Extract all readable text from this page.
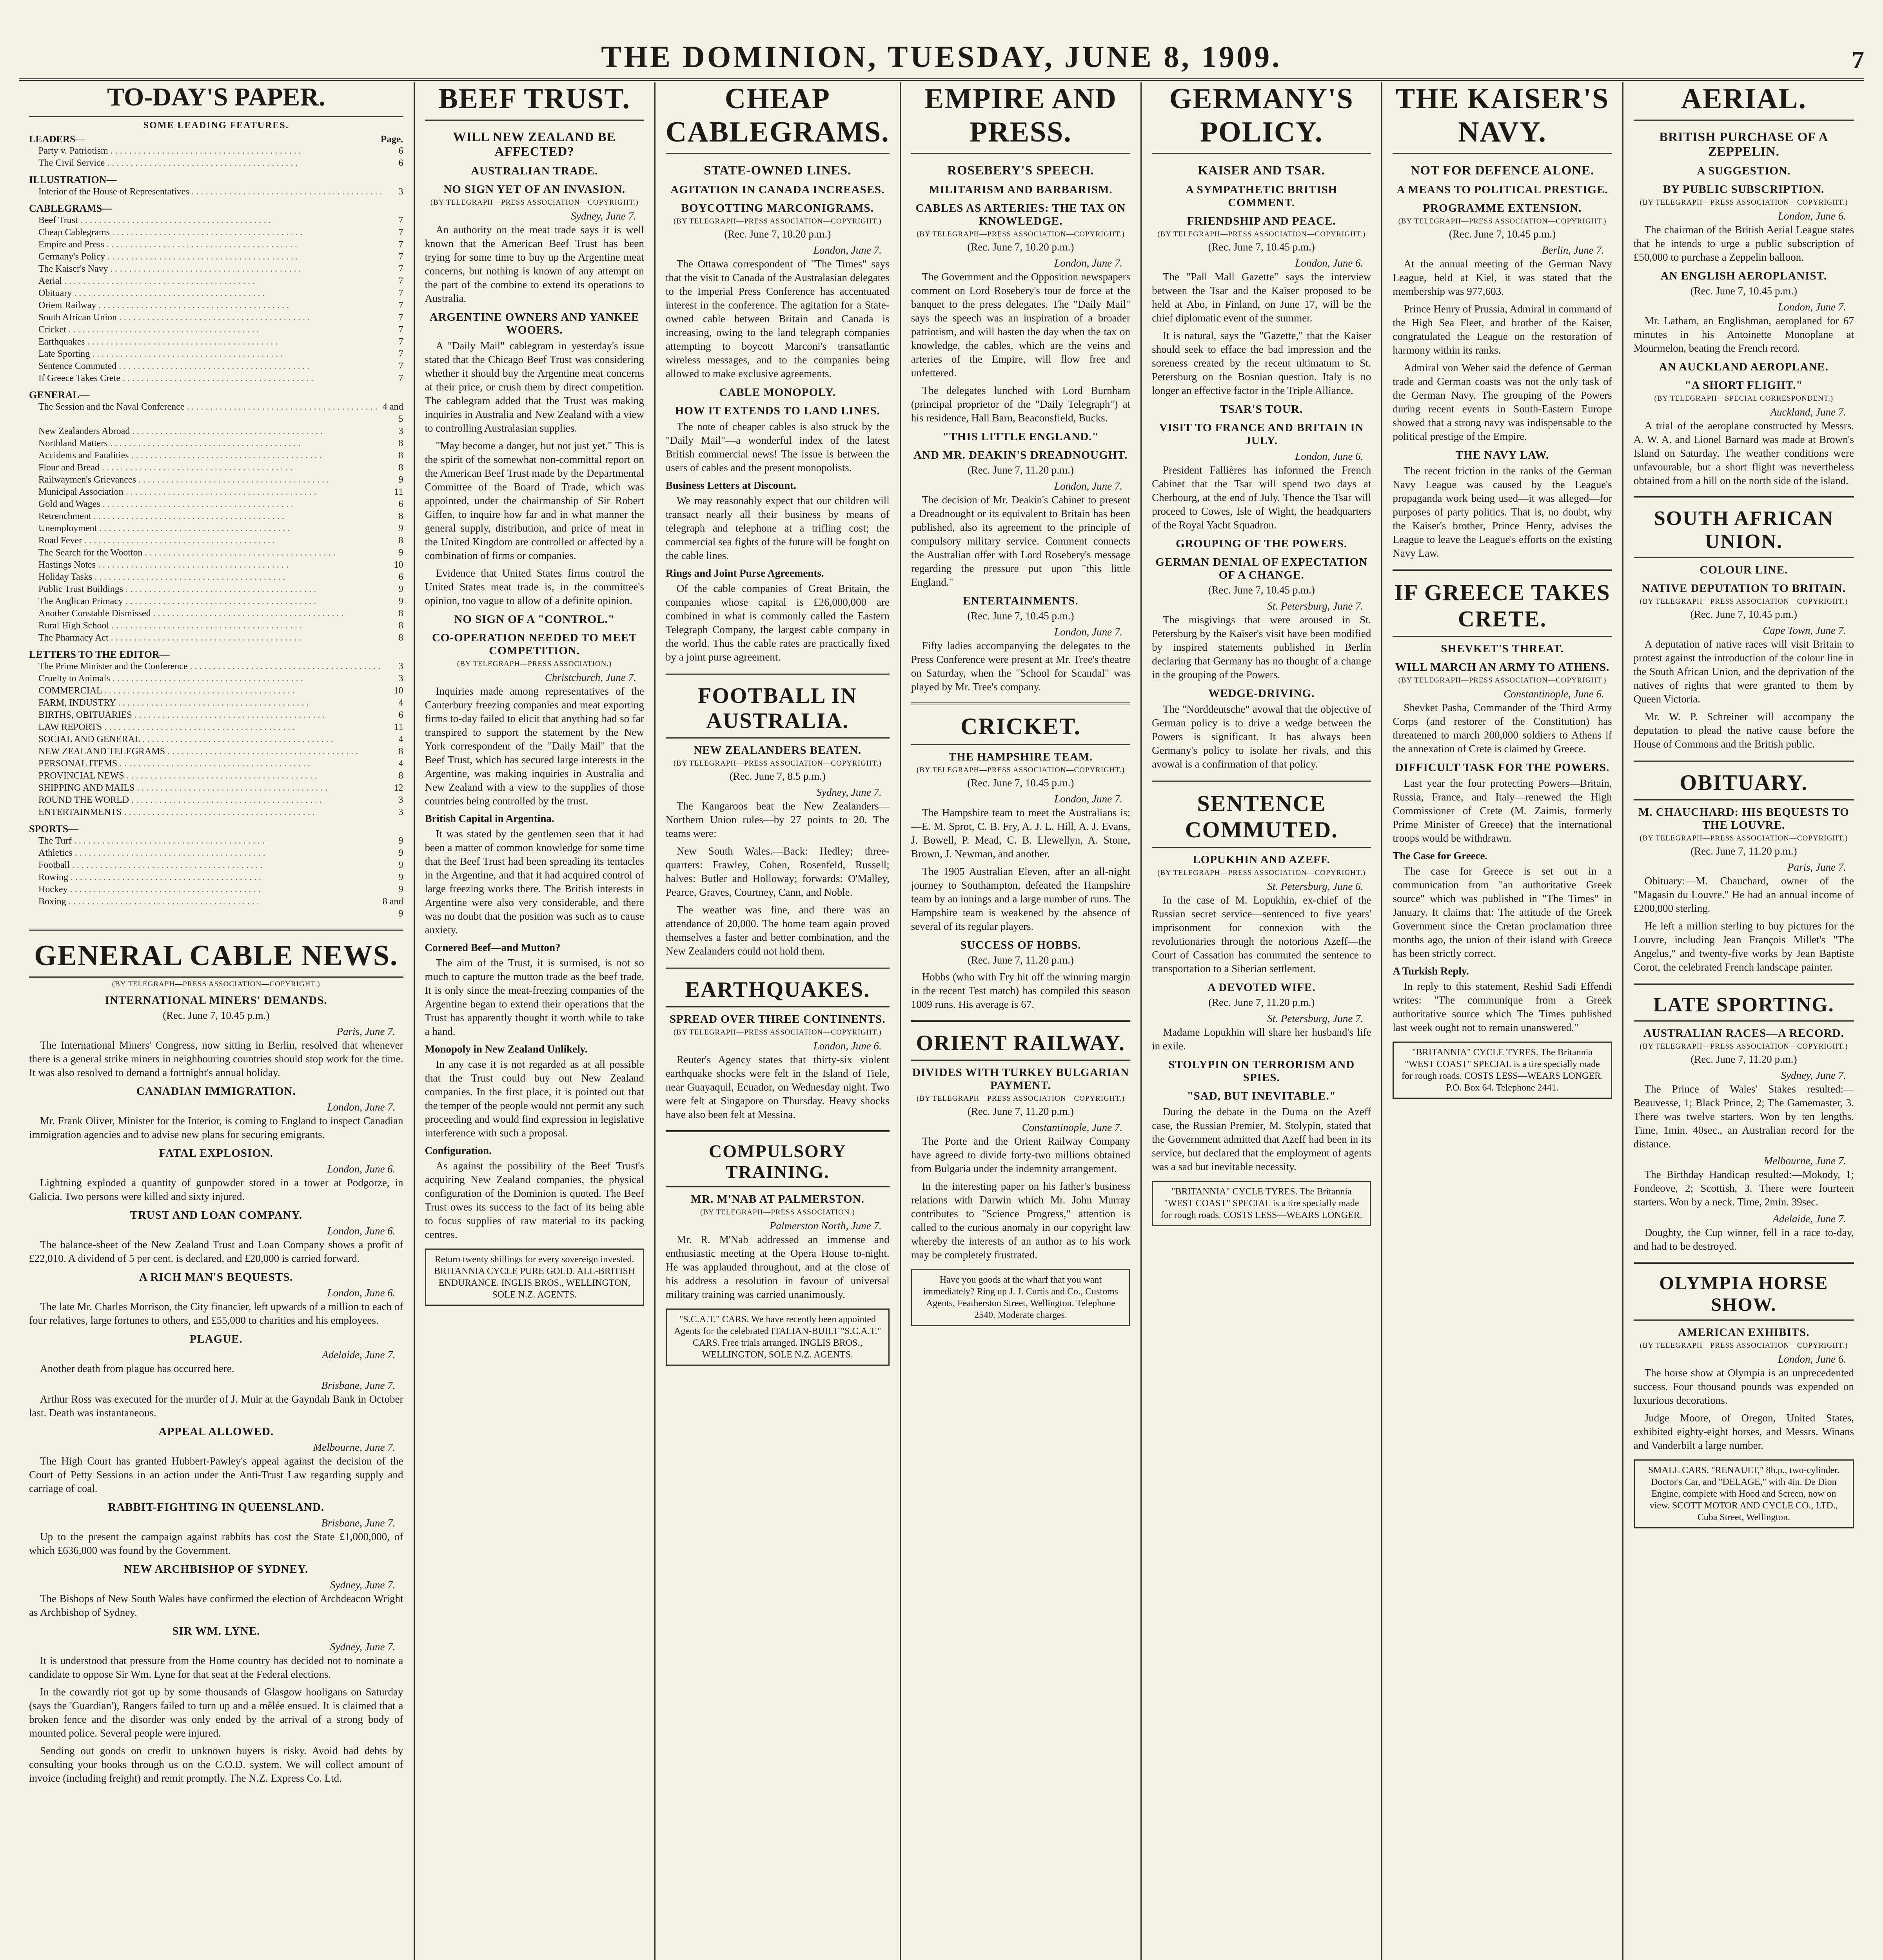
THE DOMINION, TUESDAY, JUNE 8, 1909.	7
TO-DAY'S PAPER.
SOME LEADING FEATURES.
LEADERS—	Page.
Party v. Patriotism . . .	6
The Civil Service . . .	6
ILLUSTRATION—
Interior of the House of Representatives . . .	3
CABLEGRAMS—
Beef Trust . . .	7
Cheap Cablegrams . . .	7
Empire and Press . . .	7
Germany's Policy . . .	7
The Kaiser's Navy . . .	7
Aerial . . .	7
Obituary . . .	7
Orient Railway . . .	7
South African Union . . .	7
Cricket . . .	7
Earthquakes . . .	7
Late Sporting . . .	7
Sentence Commuted . . .	7
If Greece Takes Crete . . .	7
GENERAL—
The Session and the Naval Conference . . .	4 and 5
New Zealanders Abroad . . .	3
Northland Matters . . .	8
Accidents and Fatalities . . .	8
Flour and Bread . . .	8
Railwaymen's Grievances . . .	9
Municipal Association . . .	11
Gold and Wages . . .	6
Retrenchment . . .	8
Unemployment . . .	9
Road Fever . . .	8
The Search for the Wootton . . .	9
Hastings Notes . . .	10
Holiday Tasks . . .	6
Public Trust Buildings . . .	9
The Anglican Primacy . . .	9
Another Constable Dismissed . . .	8
Rural High School . . .	8
The Pharmacy Act . . .	8
LETTERS TO THE EDITOR—
The Prime Minister and the Conference . . .	3
Cruelty to Animals . . .	3
COMMERCIAL . . .	10
FARM, INDUSTRY . . .	4
BIRTHS, OBITUARIES . . .	6
LAW REPORTS . . .	11
SOCIAL AND GENERAL . . .	4
NEW ZEALAND TELEGRAMS . . .	8
PERSONAL ITEMS . . .	4
PROVINCIAL NEWS . . .	8
SHIPPING AND MAILS . . .	12
ROUND THE WORLD . . .	3
ENTERTAINMENTS . . .	3
SPORTS—
The Turf . . .	9
Athletics . . .	9
Football . . .	9
Rowing . . .	9
Hockey . . .	9
Boxing . . .	8 and 9
GENERAL CABLE NEWS.
(BY TELEGRAPH—PRESS ASSOCIATION—COPYRIGHT.)
INTERNATIONAL MINERS' DEMANDS.
(Rec. June 7, 10.45 p.m.)
Paris, June 7.

The International Miners' Congress, now sitting in Berlin, resolved that whenever there is a general strike miners in neighbouring countries should stop work for the time. It was also resolved to demand a fortnight's annual holiday.

CANADIAN IMMIGRATION.
London, June 7.

Mr. Frank Oliver, Minister for the Interior, is coming to England to inspect Canadian immigration agencies and to advise new plans for securing emigrants.

FATAL EXPLOSION.
London, June 6.

Lightning exploded a quantity of gunpowder stored in a tower at Podgorze, in Galicia. Two persons were killed and sixty injured.

TRUST AND LOAN COMPANY.
London, June 6.

The balance-sheet of the New Zealand Trust and Loan Company shows a profit of £22,010. A dividend of 5 per cent. is declared, and £20,000 is carried forward.

A RICH MAN'S BEQUESTS.
London, June 6.

The late Mr. Charles Morrison, the City financier, left upwards of a million to each of four relatives, large fortunes to others, and £55,000 to charities and his employees.

PLAGUE.
Adelaide, June 7.

Another death from plague has occurred here.

Brisbane, June 7.

Arthur Ross was executed for the murder of J. Muir at the Gayndah Bank in October last. Death was instantaneous.

APPEAL ALLOWED.
Melbourne, June 7.

The High Court has granted Hubbert-Pawley's appeal against the decision of the Court of Petty Sessions in an action under the Anti-Trust Law regarding supply and carriage of coal.

RABBIT-FIGHTING IN QUEENSLAND.
Brisbane, June 7.

Up to the present the campaign against rabbits has cost the State £1,000,000, of which £636,000 was found by the Government.

NEW ARCHBISHOP OF SYDNEY.
Sydney, June 7.

The Bishops of New South Wales have confirmed the election of Archdeacon Wright as Archbishop of Sydney.

SIR WM. LYNE.
Sydney, June 7.

It is understood that pressure from the Home country has decided not to nominate a candidate to oppose Sir Wm. Lyne for that seat at the Federal elections.

In the cowardly riot got up by some thousands of Glasgow hooligans on Saturday (says the 'Guardian'), Rangers failed to turn up and a mêlée ensued. It is claimed that a broken fence and the disorder was only ended by the arrival of a strong body of mounted police. Several people were injured.

Sending out goods on credit to unknown buyers is risky. Avoid bad debts by consulting your books through us on the C.O.D. system. We will collect amount of invoice (including freight) and remit promptly. The N.Z. Express Co. Ltd.

BEEF TRUST.
WILL NEW ZEALAND BE AFFECTED?
AUSTRALIAN TRADE.
NO SIGN YET OF AN INVASION.
(BY TELEGRAPH—PRESS ASSOCIATION—COPYRIGHT.)
Sydney, June 7.

An authority on the meat trade says it is well known that the American Beef Trust has been trying for some time to buy up the Argentine meat concerns, but nothing is known of any attempt on the part of the combine to extend its operations to Australia.

ARGENTINE OWNERS AND YANKEE WOOERS.

A "Daily Mail" cablegram in yesterday's issue stated that the Chicago Beef Trust was considering whether it should buy the Argentine meat concerns at their price, or crush them by direct competition. The cablegram added that the Trust was making inquiries in Australia and New Zealand with a view to controlling Australasian supplies.

"May become a danger, but not just yet." This is the spirit of the somewhat non-committal report on the American Beef Trust made by the Departmental Committee of the Board of Trade, which was appointed, under the chairmanship of Sir Robert Giffen, to inquire how far and in what manner the general supply, distribution, and price of meat in the United Kingdom are controlled or affected by a combination of firms or companies.

Evidence that United States firms control the United States meat trade is, in the committee's opinion, too vague to allow of a definite opinion.

NO SIGN OF A "CONTROL."
CO-OPERATION NEEDED TO MEET COMPETITION.
(BY TELEGRAPH—PRESS ASSOCIATION.)
Christchurch, June 7.

Inquiries made among representatives of the Canterbury freezing companies and meat exporting firms to-day failed to elicit that anything had so far transpired to support the statement by the New York correspondent of the "Daily Mail" that the Beef Trust, which has secured large interests in the Argentine, was making inquiries in Australia and New Zealand with a view to the supplies of those countries being controlled by the trust.

British Capital in Argentina.

It was stated by the gentlemen seen that it had been a matter of common knowledge for some time that the Beef Trust had been spreading its tentacles in the Argentine, and that it had acquired control of large freezing works there. The British interests in Argentine were also very considerable, and there was no doubt that the position was such as to cause anxiety.

Cornered Beef—and Mutton?

The aim of the Trust, it is surmised, is not so much to capture the mutton trade as the beef trade. It is only since the meat-freezing companies of the Argentine began to extend their operations that the Trust has apparently thought it worth while to take a hand.

Monopoly in New Zealand Unlikely.

In any case it is not regarded as at all possible that the Trust could buy out New Zealand companies. In the first place, it is pointed out that the temper of the people would not permit any such proceeding and would find expression in legislative interference with such a proposal.

Configuration.

As against the possibility of the Beef Trust's acquiring New Zealand companies, the physical configuration of the Dominion is quoted. The Beef Trust owes its success to the fact of its being able to focus supplies of raw material to its packing centres.

Return twenty shillings for every sovereign invested. BRITANNIA CYCLE PURE GOLD. ALL-BRITISH ENDURANCE. INGLIS BROS., WELLINGTON, SOLE N.Z. AGENTS.
CHEAP CABLEGRAMS.
STATE-OWNED LINES.
AGITATION IN CANADA INCREASES.
BOYCOTTING MARCONIGRAMS.
(BY TELEGRAPH—PRESS ASSOCIATION—COPYRIGHT.)
(Rec. June 7, 10.20 p.m.)
London, June 7.

The Ottawa correspondent of "The Times" says that the visit to Canada of the Australasian delegates to the Imperial Press Conference has accentuated interest in the conference. The agitation for a State-owned cable between Britain and Canada is increasing, owing to the land telegraph companies attempting to boycott Marconi's transatlantic wireless messages, and to the companies being allowed to make exclusive agreements.

CABLE MONOPOLY.
HOW IT EXTENDS TO LAND LINES.

The note of cheaper cables is also struck by the "Daily Mail"—a wonderful index of the latest British commercial news! The issue is between the users of cables and the present monopolists.

Business Letters at Discount.

We may reasonably expect that our children will transact nearly all their business by means of telegraph and telephone at a trifling cost; the commercial sea fights of the future will be fought on the cable lines.

Rings and Joint Purse Agreements.

Of the cable companies of Great Britain, the companies whose capital is £26,000,000 are combined in what is commonly called the Eastern Telegraph Company, the largest cable company in the world. Thus the cable rates are practically fixed by a joint purse agreement.

FOOTBALL IN AUSTRALIA.
NEW ZEALANDERS BEATEN.
(BY TELEGRAPH—PRESS ASSOCIATION—COPYRIGHT.)
(Rec. June 7, 8.5 p.m.)
Sydney, June 7.

The Kangaroos beat the New Zealanders—Northern Union rules—by 27 points to 20. The teams were:

New South Wales.—Back: Hedley; three-quarters: Frawley, Cohen, Rosenfeld, Russell; halves: Butler and Holloway; forwards: O'Malley, Pearce, Graves, Courtney, Cann, and Noble.

The weather was fine, and there was an attendance of 20,000. The home team again proved themselves a faster and better combination, and the New Zealanders could not hold them.

EARTHQUAKES.
SPREAD OVER THREE CONTINENTS.
(BY TELEGRAPH—PRESS ASSOCIATION—COPYRIGHT.)
London, June 6.

Reuter's Agency states that thirty-six violent earthquake shocks were felt in the Island of Tiele, near Guayaquil, Ecuador, on Wednesday night. Two were felt at Singapore on Thursday. Heavy shocks have also been felt at Messina.

COMPULSORY TRAINING.
MR. M'NAB AT PALMERSTON.
(BY TELEGRAPH—PRESS ASSOCIATION.)
Palmerston North, June 7.

Mr. R. M'Nab addressed an immense and enthusiastic meeting at the Opera House to-night. He was applauded throughout, and at the close of his address a resolution in favour of universal military training was carried unanimously.

"S.C.A.T." CARS. We have recently been appointed Agents for the celebrated ITALIAN-BUILT "S.C.A.T." CARS. Free trials arranged. INGLIS BROS., WELLINGTON, SOLE N.Z. AGENTS.
EMPIRE AND PRESS.
ROSEBERY'S SPEECH.
MILITARISM AND BARBARISM.
CABLES AS ARTERIES: THE TAX ON KNOWLEDGE.
(BY TELEGRAPH—PRESS ASSOCIATION—COPYRIGHT.)
(Rec. June 7, 10.20 p.m.)
London, June 7.

The Government and the Opposition newspapers comment on Lord Rosebery's tour de force at the banquet to the press delegates. The "Daily Mail" says the speech was an inspiration of a broader patriotism, and will hasten the day when the tax on knowledge, the cables, which are the veins and arteries of the Empire, will flow free and unfettered.

The delegates lunched with Lord Burnham (principal proprietor of the "Daily Telegraph") at his residence, Hall Barn, Beaconsfield, Bucks.

"THIS LITTLE ENGLAND."
AND MR. DEAKIN'S DREADNOUGHT.
(Rec. June 7, 11.20 p.m.)
London, June 7.

The decision of Mr. Deakin's Cabinet to present a Dreadnought or its equivalent to Britain has been published, also its agreement to the principle of compulsory military service. Comment connects the Australian offer with Lord Rosebery's message regarding the pressure put upon "this little England."

ENTERTAINMENTS.
(Rec. June 7, 10.45 p.m.)
London, June 7.

Fifty ladies accompanying the delegates to the Press Conference were present at Mr. Tree's theatre on Saturday, when the "School for Scandal" was played by Mr. Tree's company.

CRICKET.
THE HAMPSHIRE TEAM.
(BY TELEGRAPH—PRESS ASSOCIATION—COPYRIGHT.)
(Rec. June 7, 10.45 p.m.)
London, June 7.

The Hampshire team to meet the Australians is:—E. M. Sprot, C. B. Fry, A. J. L. Hill, A. J. Evans, J. Bowell, P. Mead, C. B. Llewellyn, A. Stone, Brown, J. Newman, and another.

The 1905 Australian Eleven, after an all-night journey to Southampton, defeated the Hampshire team by an innings and a large number of runs. The Hampshire team is weakened by the absence of several of its regular players.

SUCCESS OF HOBBS.
(Rec. June 7, 11.20 p.m.)

Hobbs (who with Fry hit off the winning margin in the recent Test match) has compiled this season 1009 runs. His average is 67.

ORIENT RAILWAY.
DIVIDES WITH TURKEY BULGARIAN PAYMENT.
(BY TELEGRAPH—PRESS ASSOCIATION—COPYRIGHT.)
(Rec. June 7, 11.20 p.m.)
Constantinople, June 7.

The Porte and the Orient Railway Company have agreed to divide forty-two millions obtained from Bulgaria under the indemnity arrangement.

In the interesting paper on his father's business relations with Darwin which Mr. John Murray contributes to "Science Progress," attention is called to the curious anomaly in our copyright law whereby the interests of an author as to his work may be completely frustrated.

Have you goods at the wharf that you want immediately? Ring up J. J. Curtis and Co., Customs Agents, Featherston Street, Wellington. Telephone 2540. Moderate charges.
GERMANY'S POLICY.
KAISER AND TSAR.
A SYMPATHETIC BRITISH COMMENT.
FRIENDSHIP AND PEACE.
(BY TELEGRAPH—PRESS ASSOCIATION—COPYRIGHT.)
(Rec. June 7, 10.45 p.m.)
London, June 6.

The "Pall Mall Gazette" says the interview between the Tsar and the Kaiser proposed to be held at Abo, in Finland, on June 17, will be the chief diplomatic event of the summer.

It is natural, says the "Gazette," that the Kaiser should seek to efface the bad impression and the soreness created by the recent ultimatum to St. Petersburg on the Bosnian question. Italy is no longer an effective factor in the Triple Alliance.

TSAR'S TOUR.
VISIT TO FRANCE AND BRITAIN IN JULY.
London, June 6.

President Fallières has informed the French Cabinet that the Tsar will spend two days at Cherbourg, at the end of July. Thence the Tsar will proceed to Cowes, Isle of Wight, the headquarters of the Royal Yacht Squadron.

GROUPING OF THE POWERS.
GERMAN DENIAL OF EXPECTATION OF A CHANGE.
(Rec. June 7, 10.45 p.m.)
St. Petersburg, June 7.

The misgivings that were aroused in St. Petersburg by the Kaiser's visit have been modified by inspired statements published in Berlin declaring that Germany has no thought of a change in the grouping of the Powers.

WEDGE-DRIVING.

The "Norddeutsche" avowal that the objective of German policy is to drive a wedge between the Powers is significant. It has always been Germany's policy to isolate her rivals, and this avowal is a confirmation of that policy.

SENTENCE COMMUTED.
LOPUKHIN AND AZEFF.
(BY TELEGRAPH—PRESS ASSOCIATION—COPYRIGHT.)
St. Petersburg, June 6.

In the case of M. Lopukhin, ex-chief of the Russian secret service—sentenced to five years' imprisonment for connexion with the revolutionaries through the notorious Azeff—the Court of Cassation has commuted the sentence to transportation to a Siberian settlement.

A DEVOTED WIFE.
(Rec. June 7, 11.20 p.m.)
St. Petersburg, June 7.

Madame Lopukhin will share her husband's life in exile.

STOLYPIN ON TERRORISM AND SPIES.
"SAD, BUT INEVITABLE."

During the debate in the Duma on the Azeff case, the Russian Premier, M. Stolypin, stated that the Government admitted that Azeff had been in its service, but declared that the employment of agents was a sad but inevitable necessity.

"BRITANNIA" CYCLE TYRES. The Britannia "WEST COAST" SPECIAL is a tire specially made for rough roads. COSTS LESS—WEARS LONGER.
THE KAISER'S NAVY.
NOT FOR DEFENCE ALONE.
A MEANS TO POLITICAL PRESTIGE.
PROGRAMME EXTENSION.
(BY TELEGRAPH—PRESS ASSOCIATION—COPYRIGHT.)
(Rec. June 7, 10.45 p.m.)
Berlin, June 7.

At the annual meeting of the German Navy League, held at Kiel, it was stated that the membership was 977,603.

Prince Henry of Prussia, Admiral in command of the High Sea Fleet, and brother of the Kaiser, congratulated the League on the restoration of harmony within its ranks.

Admiral von Weber said the defence of German trade and German coasts was not the only task of the German Navy. The grouping of the Powers during recent events in South-Eastern Europe showed that a strong navy was indispensable to the political prestige of the Empire.

THE NAVY LAW.

The recent friction in the ranks of the German Navy League was caused by the League's propaganda work being used—it was alleged—for purposes of party politics. That is, no doubt, why the Kaiser's brother, Prince Henry, advises the League to leave the League's efforts on the existing Navy Law.

IF GREECE TAKES CRETE.
SHEVKET'S THREAT.
WILL MARCH AN ARMY TO ATHENS.
(BY TELEGRAPH—PRESS ASSOCIATION—COPYRIGHT.)
Constantinople, June 6.

Shevket Pasha, Commander of the Third Army Corps (and restorer of the Constitution) has threatened to march 200,000 soldiers to Athens if the annexation of Crete is claimed by Greece.

DIFFICULT TASK FOR THE POWERS.

Last year the four protecting Powers—Britain, Russia, France, and Italy—renewed the High Commissioner of Crete (M. Zaimis, formerly Prime Minister of Greece) that the international troops would be withdrawn.

The Case for Greece.

The case for Greece is set out in a communication from "an authoritative Greek source" which was published in "The Times" in January. It claims that: The attitude of the Greek Government since the Cretan proclamation three months ago, the union of their island with Greece has been strictly correct.

A Turkish Reply.

In reply to this statement, Reshid Sadi Effendi writes: "The communique from a Greek authoritative source which The Times published last week ought not to remain unanswered."

"BRITANNIA" CYCLE TYRES. The Britannia "WEST COAST" SPECIAL is a tire specially made for rough roads. COSTS LESS—WEARS LONGER. P.O. Box 64. Telephone 2441.
AERIAL.
BRITISH PURCHASE OF A ZEPPELIN.
A SUGGESTION.
BY PUBLIC SUBSCRIPTION.
(BY TELEGRAPH—PRESS ASSOCIATION—COPYRIGHT.)
London, June 6.

The chairman of the British Aerial League states that he intends to urge a public subscription of £50,000 to purchase a Zeppelin balloon.

AN ENGLISH AEROPLANIST.
(Rec. June 7, 10.45 p.m.)
London, June 7.

Mr. Latham, an Englishman, aeroplaned for 67 minutes in his Antoinette Monoplane at Mourmelon, beating the French record.

AN AUCKLAND AEROPLANE.
"A SHORT FLIGHT."
(BY TELEGRAPH—SPECIAL CORRESPONDENT.)
Auckland, June 7.

A trial of the aeroplane constructed by Messrs. A. W. A. and Lionel Barnard was made at Brown's Island on Saturday. The weather conditions were unfavourable, but a short flight was nevertheless obtained from a hill on the north side of the island.

SOUTH AFRICAN UNION.
COLOUR LINE.
NATIVE DEPUTATION TO BRITAIN.
(BY TELEGRAPH—PRESS ASSOCIATION—COPYRIGHT.)
(Rec. June 7, 10.45 p.m.)
Cape Town, June 7.

A deputation of native races will visit Britain to protest against the introduction of the colour line in the South African Union, and the deprivation of the natives of rights that were granted to them by Queen Victoria.

Mr. W. P. Schreiner will accompany the deputation to plead the native cause before the House of Commons and the British public.

OBITUARY.
M. CHAUCHARD: HIS BEQUESTS TO THE LOUVRE.
(BY TELEGRAPH—PRESS ASSOCIATION—COPYRIGHT.)
(Rec. June 7, 11.20 p.m.)
Paris, June 7.

Obituary:—M. Chauchard, owner of the "Magasin du Louvre." He had an annual income of £200,000 sterling.

He left a million sterling to buy pictures for the Louvre, including Jean François Millet's "The Angelus," and twenty-five works by Jean Baptiste Corot, the celebrated French landscape painter.

LATE SPORTING.
AUSTRALIAN RACES—A RECORD.
(BY TELEGRAPH—PRESS ASSOCIATION—COPYRIGHT.)
(Rec. June 7, 11.20 p.m.)
Sydney, June 7.

The Prince of Wales' Stakes resulted:—Beauvesse, 1; Black Prince, 2; The Gamemaster, 3. There was twelve starters. Won by ten lengths. Time, 1min. 40sec., an Australian record for the distance.

Melbourne, June 7.

The Birthday Handicap resulted:—Mokody, 1; Fondeove, 2; Scottish, 3. There were fourteen starters. Won by a neck. Time, 2min. 39sec.

Adelaide, June 7.

Doughty, the Cup winner, fell in a race to-day, and had to be destroyed.

OLYMPIA HORSE SHOW.
AMERICAN EXHIBITS.
(BY TELEGRAPH—PRESS ASSOCIATION—COPYRIGHT.)
London, June 6.

The horse show at Olympia is an unprecedented success. Four thousand pounds was expended on luxurious decorations.

Judge Moore, of Oregon, United States, exhibited eighty-eight horses, and Messrs. Winans and Vanderbilt a large number.

SMALL CARS. "RENAULT," 8h.p., two-cylinder. Doctor's Car, and "DELAGE," with 4in. De Dion Engine, complete with Hood and Screen, now on view. SCOTT MOTOR AND CYCLE CO., LTD., Cuba Street, Wellington.
